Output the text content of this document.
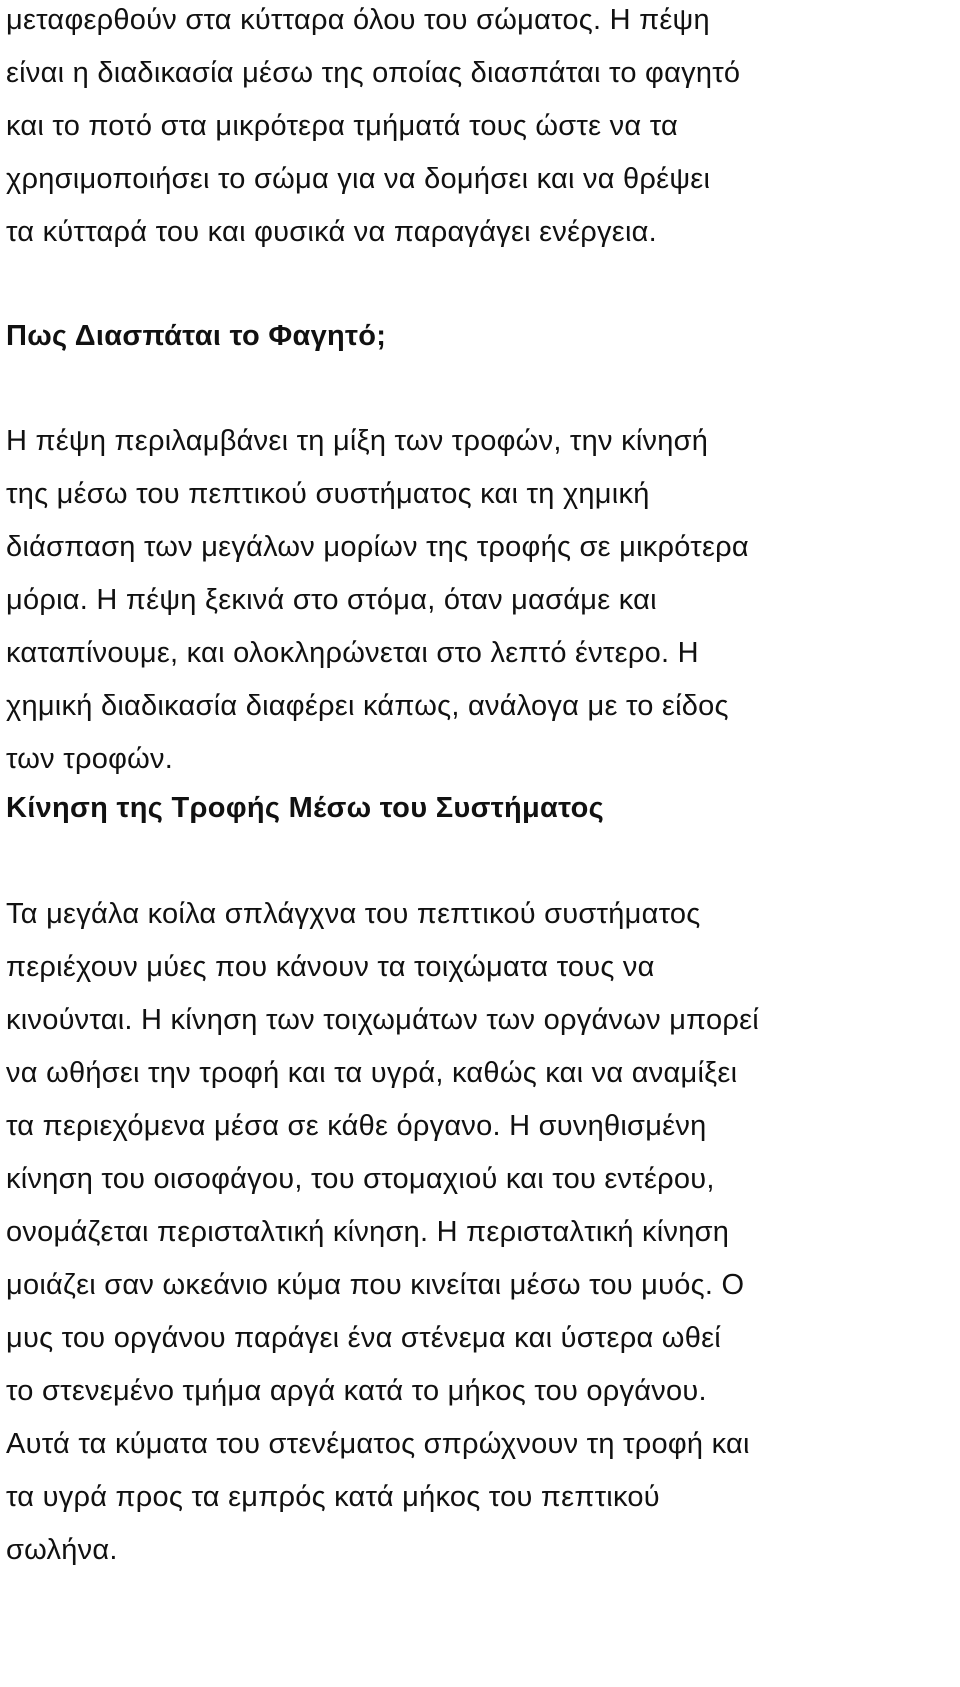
μεταφερθούν στα κύτταρα όλου του σώματος. Η πέψη
είναι η διαδικασία μέσω της οποίας διασπάται το φαγητό
και το ποτό στα μικρότερα τμήματά τους ώστε να τα
χρησιμοποιήσει το σώμα για να δομήσει και να θρέψει
τα κύτταρά του και φυσικά να παραγάγει ενέργεια.
Πως Διασπάται το Φαγητό;
Η πέψη περιλαμβάνει τη μίξη των τροφών, την κίνησή
της μέσω του πεπτικού συστήματος και τη χημική
διάσπαση των μεγάλων μορίων της τροφής σε μικρότερα
μόρια. Η πέψη ξεκινά στο στόμα, όταν μασάμε και
καταπίνουμε, και ολοκληρώνεται στο λεπτό έντερο. Η
χημική διαδικασία διαφέρει κάπως, ανάλογα με το είδος
των τροφών.
Κίνηση της Τροφής Μέσω του Συστήματος
Τα μεγάλα κοίλα σπλάγχνα του πεπτικού συστήματος
περιέχουν μύες που κάνουν τα τοιχώματα τους να
κινούνται. Η κίνηση των τοιχωμάτων των οργάνων μπορεί
να ωθήσει την τροφή και τα υγρά, καθώς και να αναμίξει
τα περιεχόμενα μέσα σε κάθε όργανο. Η συνηθισμένη
κίνηση του οισοφάγου, του στομαχιού και του εντέρου,
ονομάζεται περισταλτική κίνηση. Η περισταλτική κίνηση
μοιάζει σαν ωκεάνιο κύμα που κινείται μέσω του μυός. Ο
μυς του οργάνου παράγει ένα στένεμα και ύστερα ωθεί
το στενεμένο τμήμα αργά κατά το μήκος του οργάνου.
Αυτά τα κύματα του στενέματος σπρώχνουν τη τροφή και
τα υγρά προς τα εμπρός κατά μήκος του πεπτικού
σωλήνα.
